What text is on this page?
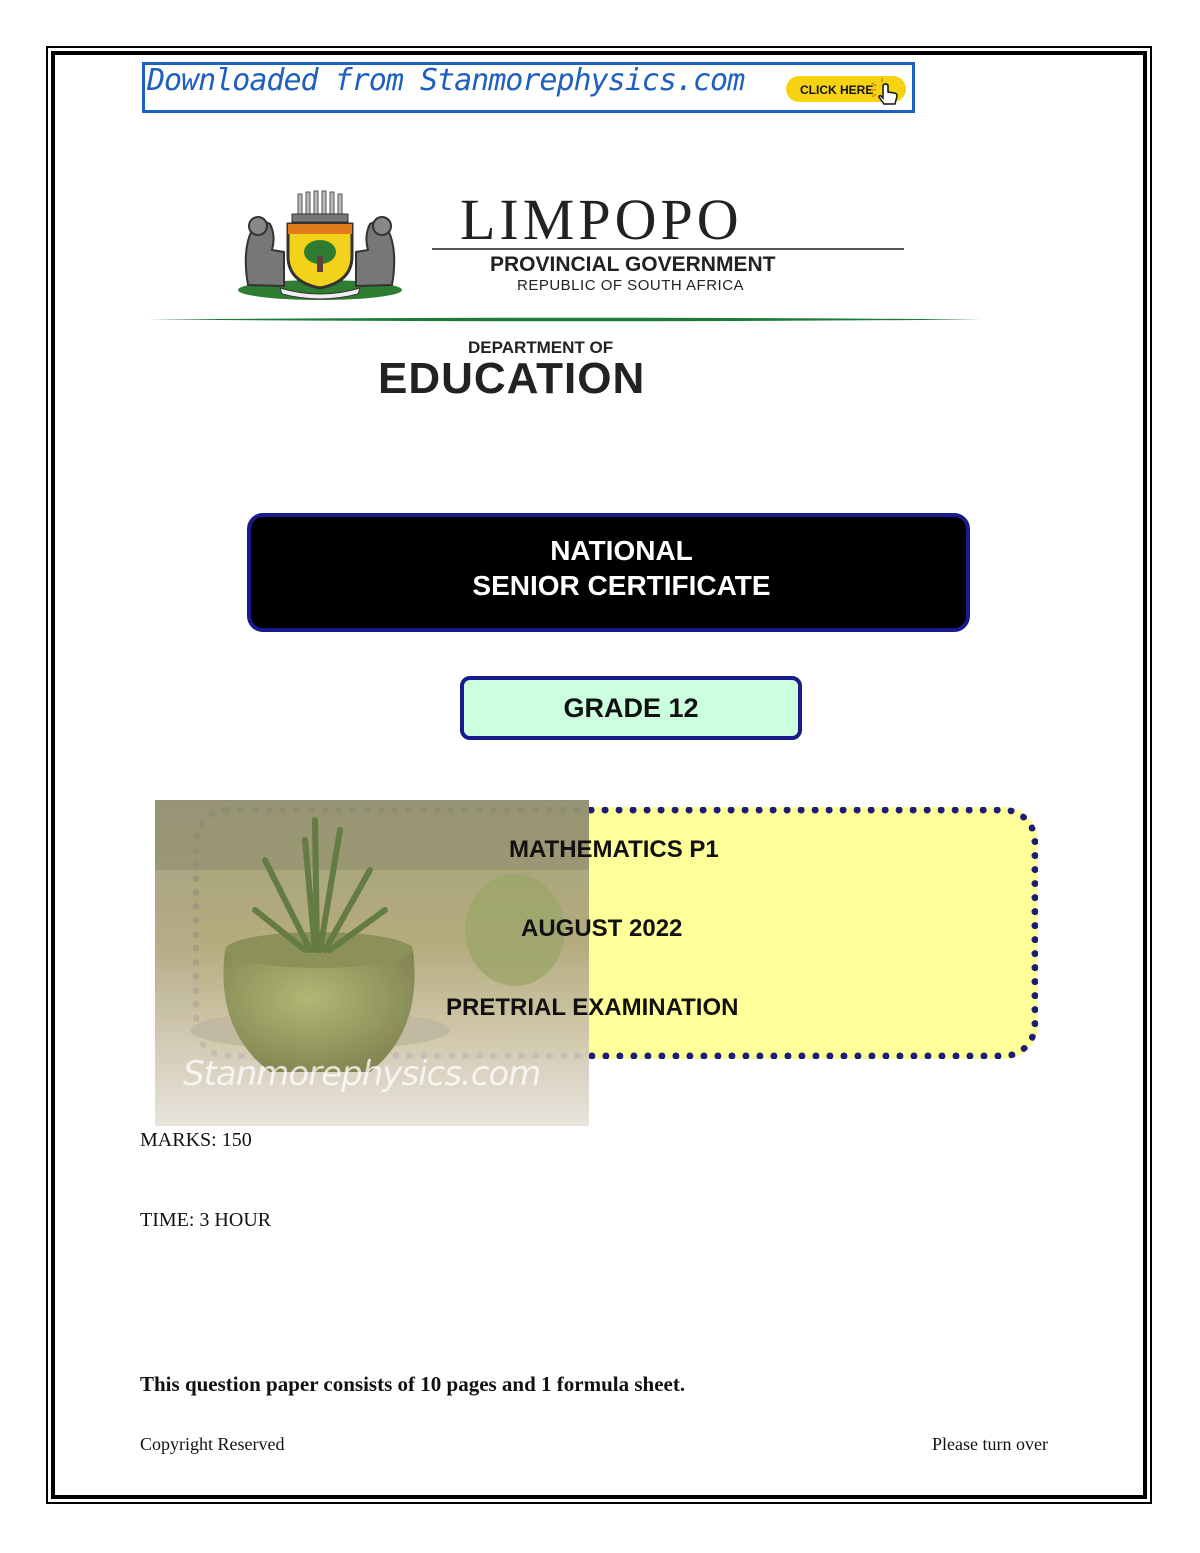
Downloaded from Stanmorephysics.com	CLICK HERE
LIMPOPO
PROVINCIAL GOVERNMENT
REPUBLIC OF SOUTH AFRICA
DEPARTMENT OF
EDUCATION
NATIONAL
SENIOR CERTIFICATE
GRADE 12
MATHEMATICS P1
AUGUST 2022
PRETRIAL EXAMINATION
Stanmorephysics.com
MARKS: 150
TIME: 3 HOUR
This question paper consists of 10 pages and 1 formula sheet.
Copyright Reserved	Please turn over
